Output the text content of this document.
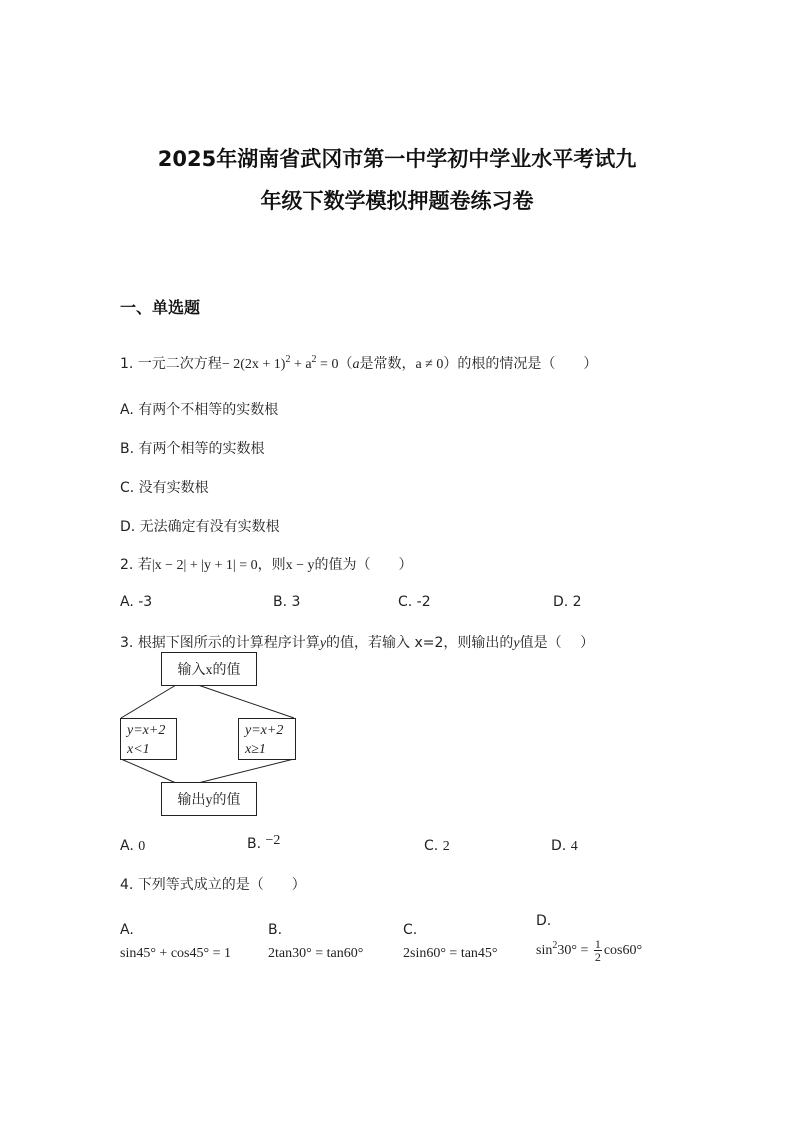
2025年湖南省武冈市第一中学初中学业水平考试九
年级下数学模拟押题卷练习卷
一、单选题
1. 一元二次方程− $2(2x + 1)^2 + a^2 = 0(a$是常数，a ≠ 0）的根的情况是（　　）
A. 有两个不相等的实数根
B. 有两个相等的实数根
C. 没有实数根
D. 无法确定有没有实数根
2. 若|x − 2| + |y + 1| = 0，则x − y的值为（　　）
A. -3	B. 3	C. -2	D. 2
3. 根据下图所示的计算程序计算y的值，若输入 x=2，则输出的y值是（　 ）
输入x的值
y=x+2
x<1
y=x+2
x≥1
输出y的值
A. 0	B. −2	C. 2	D. 4
4. 下列等式成立的是（　　）
A.
sin45° + cos45° = 1
B.
2tan30° = tan60°
C.
2sin60° = tan45°
D.
$\sin^230^\circ = \frac{1}{2} \cos 60^\circ$
